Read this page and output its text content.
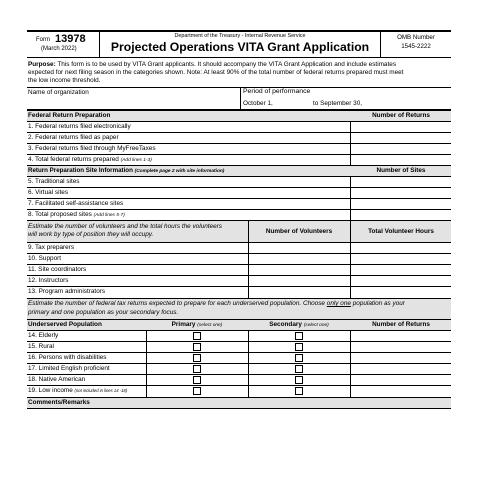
Form 13978
(March 2022)
Department of the Treasury - Internal Revenue Service
Projected Operations VITA Grant Application
OMB Number
1545-2222
Purpose: This form is to be used by VITA Grant applicants. It should accompany the VITA Grant Application and include estimates
expected for next filing season in the categories shown. Note: At least 90% of the total number of federal returns prepared must meet
the low income threshold.
Name of organization	Period of performance
October 1,	to September 30,
Federal Return Preparation	Number of Returns
1. Federal returns filed electronically
2. Federal returns filed as paper
3. Federal returns filed through MyFreeTaxes
4. Total federal returns prepared (Add lines 1-3)
Return Preparation Site Information (Complete page 2 with site information)	Number of Sites
5. Traditional sites
6. Virtual sites
7. Facilitated self-assistance sites
8. Total proposed sites (Add lines 5-7)
Estimate the number of volunteers and the total hours the volunteers
will work by type of position they will occupy.	Number of Volunteers	Total Volunteer Hours
9. Tax preparers
10. Support
11. Site coordinators
12. Instructors
13. Program administrators
Estimate the number of federal tax returns expected to prepare for each underserved population. Choose only one population as your
primary and one population as your secondary focus.
Underserved Population	Primary (select one)	Secondary (select one)	Number of Returns
14. Elderly
15. Rural
16. Persons with disabilities
17. Limited English proficient
18. Native American
19. Low income (not included in lines 14 -18)
Comments/Remarks
